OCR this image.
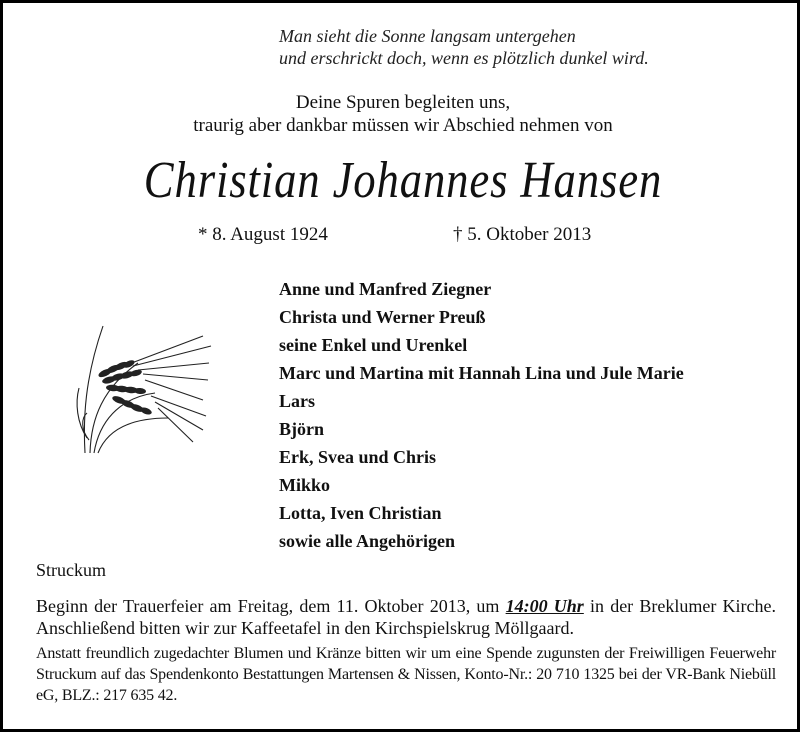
Man sieht die Sonne langsam untergehen
und erschrickt doch, wenn es plötzlich dunkel wird.
Deine Spuren begleiten uns,
traurig aber dankbar müssen wir Abschied nehmen von
Christian Johannes Hansen
* 8. August 1924	† 5. Oktober 2013
Anne und Manfred Ziegner
Christa und Werner Preuß
seine Enkel und Urenkel
Marc und Martina mit Hannah Lina und Jule Marie
Lars
Björn
Erk, Svea und Chris
Mikko
Lotta, Iven Christian
sowie alle Angehörigen
Struckum
Beginn der Trauerfeier am Freitag, dem 11. Oktober 2013, um 14:00 Uhr in der Breklumer Kirche. Anschließend bitten wir zur Kaffeetafel in den Kirchspielskrug Möllgaard.
Anstatt freundlich zugedachter Blumen und Kränze bitten wir um eine Spende zugunsten der Freiwilligen Feuerwehr Struckum auf das Spendenkonto Bestattungen Martensen & Nissen, Konto-Nr.: 20 710 1325 bei der VR-Bank Niebüll eG, BLZ.: 217 635 42.
